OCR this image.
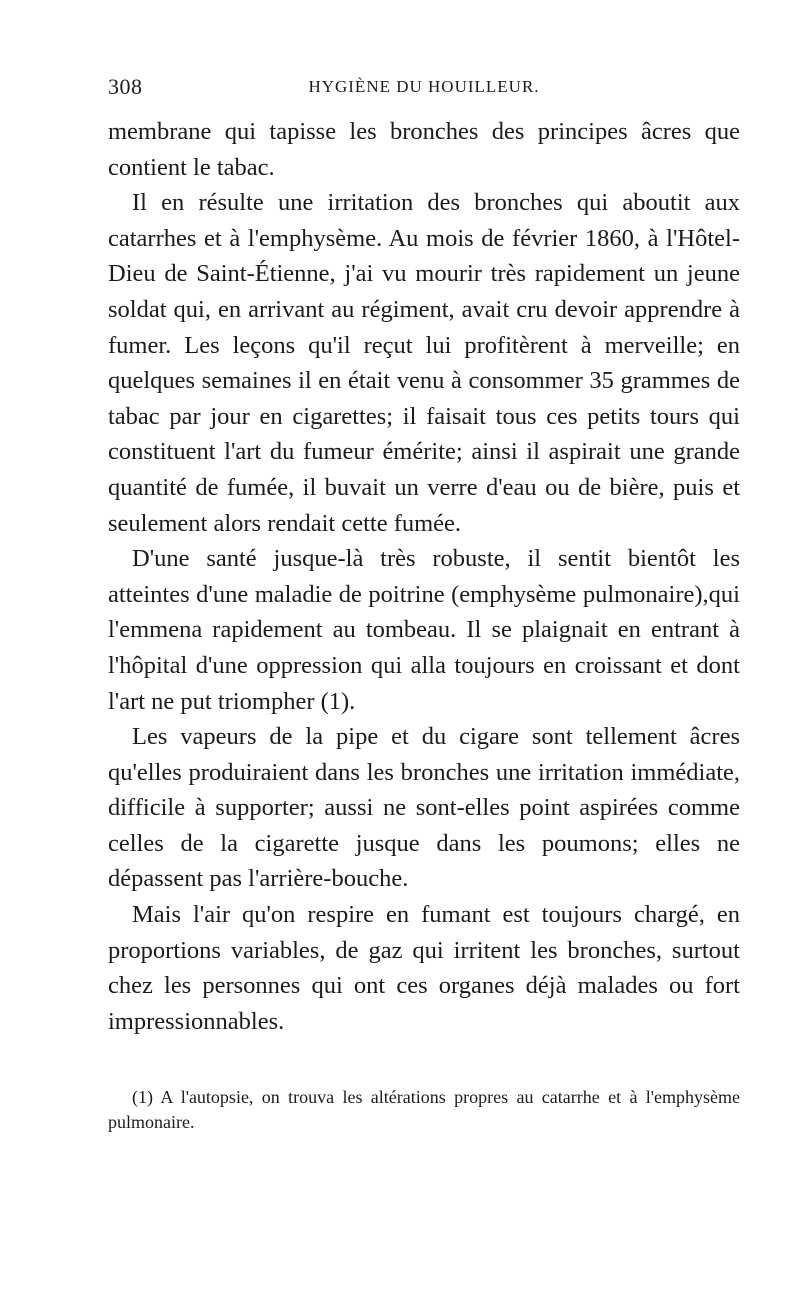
308	HYGIÈNE DU HOUILLEUR.

membrane qui tapisse les bronches des principes âcres que contient le tabac.

Il en résulte une irritation des bronches qui aboutit aux catarrhes et à l'emphysème. Au mois de février 1860, à l'Hôtel-Dieu de Saint-Étienne, j'ai vu mourir très rapidement un jeune soldat qui, en arrivant au régiment, avait cru devoir apprendre à fumer. Les leçons qu'il reçut lui profitèrent à merveille; en quelques semaines il en était venu à consommer 35 grammes de tabac par jour en cigarettes; il faisait tous ces petits tours qui constituent l'art du fumeur émérite; ainsi il aspirait une grande quantité de fumée, il buvait un verre d'eau ou de bière, puis et seulement alors rendait cette fumée.

D'une santé jusque-là très robuste, il sentit bientôt les atteintes d'une maladie de poitrine (emphysème pulmonaire),qui l'emmena rapidement au tombeau. Il se plaignait en entrant à l'hôpital d'une oppression qui alla toujours en croissant et dont l'art ne put triompher (1).

Les vapeurs de la pipe et du cigare sont tellement âcres qu'elles produiraient dans les bronches une irritation immédiate, difficile à supporter; aussi ne sont-elles point aspirées comme celles de la cigarette jusque dans les poumons; elles ne dépassent pas l'arrière-bouche.

Mais l'air qu'on respire en fumant est toujours chargé, en proportions variables, de gaz qui irritent les bronches, surtout chez les personnes qui ont ces organes déjà malades ou fort impressionnables.

(1) A l'autopsie, on trouva les altérations propres au catarrhe et à l'emphysème pulmonaire.
